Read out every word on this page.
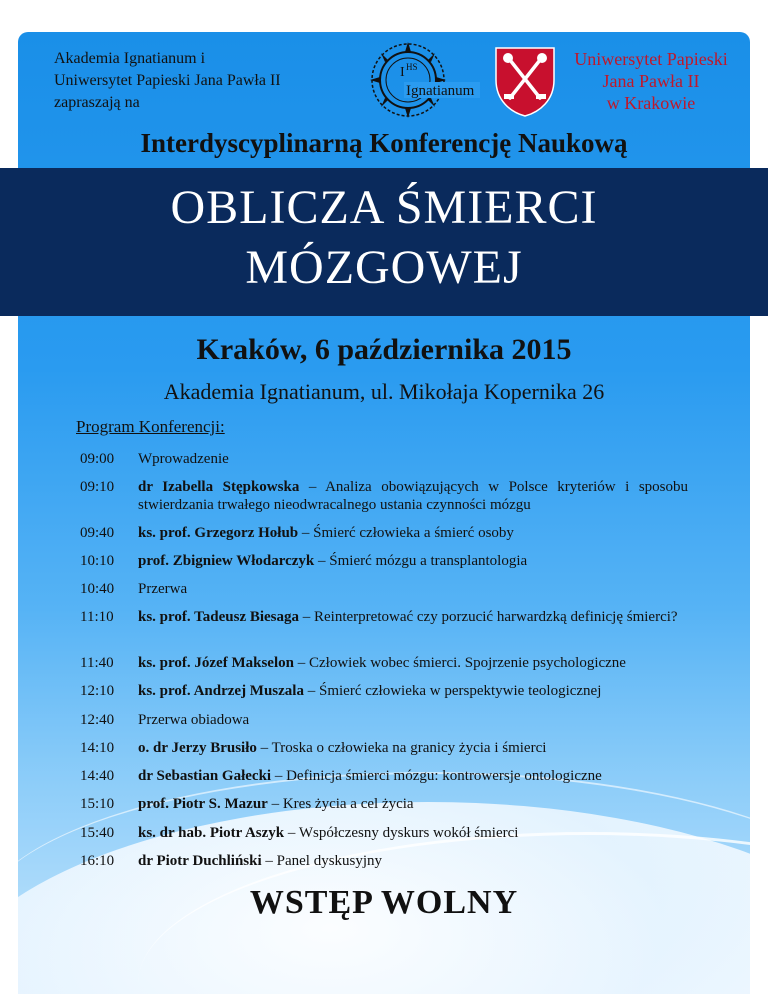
Akademia Ignatianum i
Uniwersytet Papieski Jana Pawła II
zapraszają na
I HS
Ignatianum
Uniwersytet Papieski
Jana Pawła II
w Krakowie
Interdyscyplinarną Konferencję Naukową
OBLICZA ŚMIERCI
MÓZGOWEJ
Kraków, 6 października 2015
Akademia Ignatianum, ul. Mikołaja Kopernika 26
Program Konferencji:
09:00	Wprowadzenie
09:10	dr Izabella Stępkowska – Analiza obowiązujących w Polsce kryteriów i sposobu stwierdzania trwałego nieodwracalnego ustania czynności mózgu
09:40	ks. prof. Grzegorz Hołub – Śmierć człowieka a śmierć osoby
10:10	prof. Zbigniew Włodarczyk – Śmierć mózgu a transplantologia
10:40	Przerwa
11:10	ks. prof. Tadeusz Biesaga – Reinterpretować czy porzucić harwardzką definicję śmierci?
11:40	ks. prof. Józef Makselon – Człowiek wobec śmierci. Spojrzenie psychologiczne
12:10	ks. prof. Andrzej Muszala – Śmierć człowieka w perspektywie teologicznej
12:40	Przerwa obiadowa
14:10	o. dr Jerzy Brusiło – Troska o człowieka na granicy życia i śmierci
14:40	dr Sebastian Gałecki – Definicja śmierci mózgu: kontrowersje ontologiczne
15:10	prof. Piotr S. Mazur – Kres życia a cel życia
15:40	ks. dr hab. Piotr Aszyk – Współczesny dyskurs wokół śmierci
16:10	dr Piotr Duchliński – Panel dyskusyjny
WSTĘP WOLNY
